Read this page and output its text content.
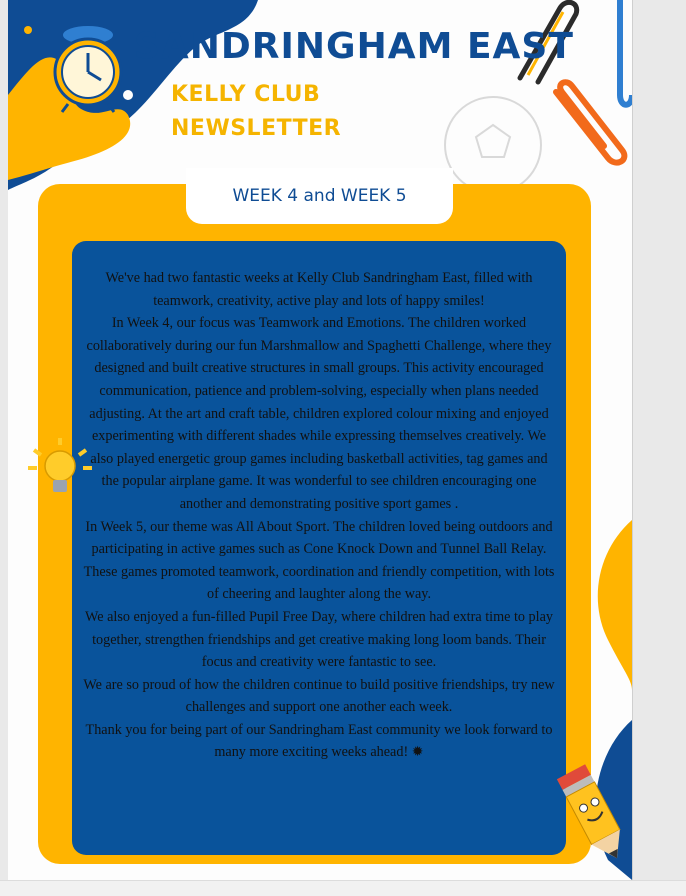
WEEK 4 and WEEK 5
SANDRINGHAM EAST
KELLY CLUB
NEWSLETTER

We've had two fantastic weeks at Kelly Club Sandringham East, filled with teamwork, creativity, active play and lots of happy smiles!

In Week 4, our focus was Teamwork and Emotions. The children worked collaboratively during our fun Marshmallow and Spaghetti Challenge, where they designed and built creative structures in small groups. This activity encouraged communication, patience and problem-solving, especially when plans needed adjusting. At the art and craft table, children explored colour mixing and enjoyed experimenting with different shades while expressing themselves creatively. We also played energetic group games including basketball activities, tag games and the popular airplane game. It was wonderful to see children encouraging one another and demonstrating positive sport games .

In Week 5, our theme was All About Sport. The children loved being outdoors and participating in active games such as Cone Knock Down and Tunnel Ball Relay. These games promoted teamwork, coordination and friendly competition, with lots of cheering and laughter along the way.

We also enjoyed a fun-filled Pupil Free Day, where children had extra time to play together, strengthen friendships and get creative making long loom bands. Their focus and creativity were fantastic to see.

We are so proud of how the children continue to build positive friendships, try new challenges and support one another each week.

Thank you for being part of our Sandringham East community we look forward to many more exciting weeks ahead! ✹
